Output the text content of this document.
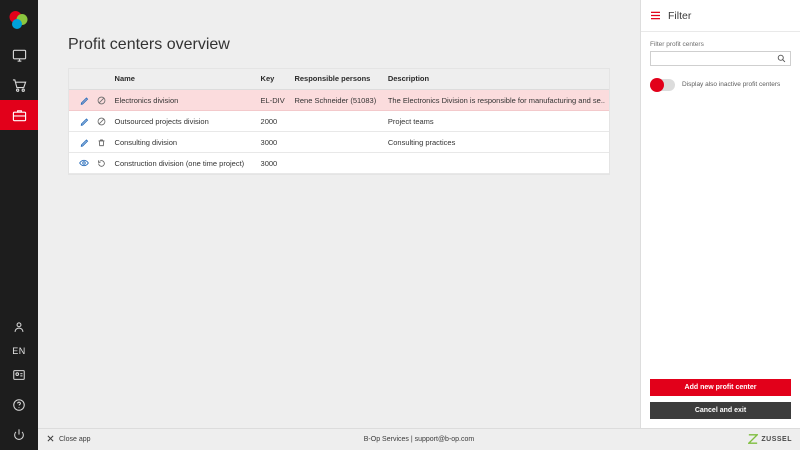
EN
Profit centers overview
	Name	Key	Responsible persons	Description

	Electronics division	EL-DIV	Rene Schneider (51083)	The Electronics Division is responsible for manufacturing and se..

	Outsourced projects division	2000		Project teams

	Consulting division	3000		Consulting practices

	Construction division (one time project)	3000		
Filter
Filter profit centers
Display also inactive profit centers
Add new profit center
Cancel and exit
Close app	B-Op Services | support@b-op.com	ZUSSEL
